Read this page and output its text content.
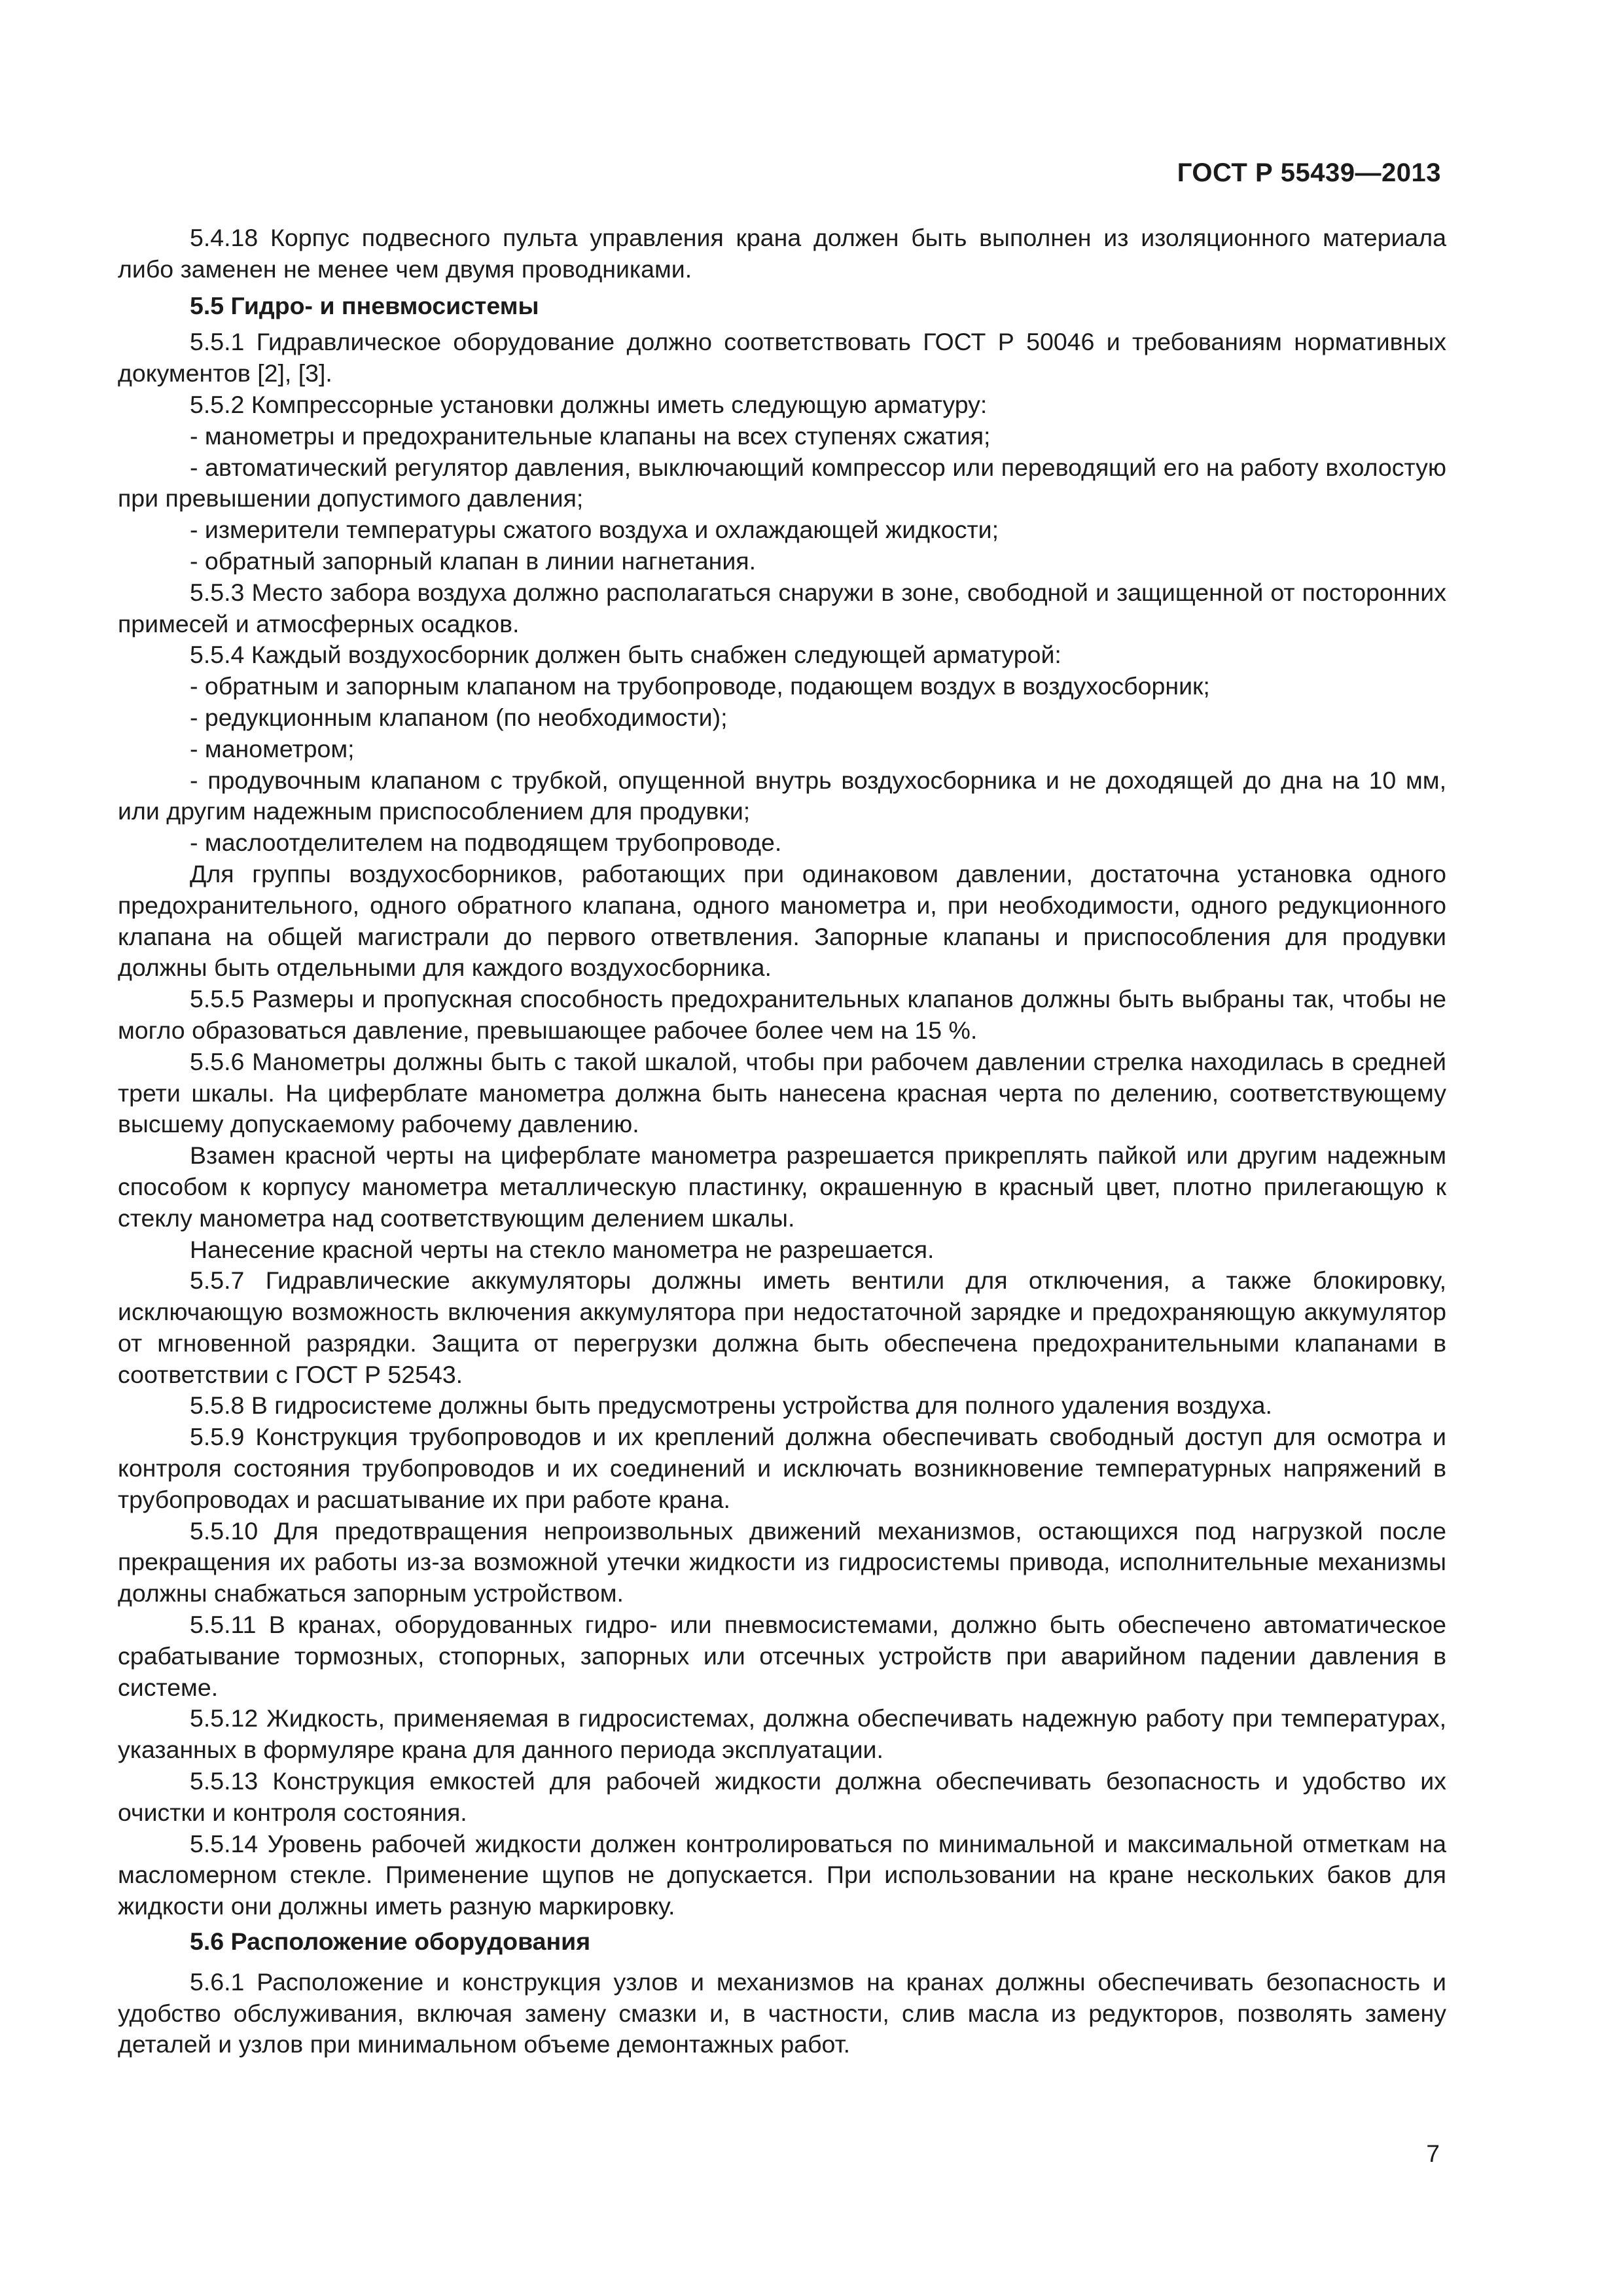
ГОСТ Р 55439—2013

5.4.18 Корпус подвесного пульта управления крана должен быть выполнен из изоляционного материала либо заменен не менее чем двумя проводниками.

5.5 Гидро- и пневмосистемы

5.5.1 Гидравлическое оборудование должно соответствовать ГОСТ Р 50046 и требованиям нормативных документов [2], [3].

5.5.2 Компрессорные установки должны иметь следующую арматуру:

- манометры и предохранительные клапаны на всех ступенях сжатия;

- автоматический регулятор давления, выключающий компрессор или переводящий его на работу вхолостую при превышении допустимого давления;

- измерители температуры сжатого воздуха и охлаждающей жидкости;

- обратный запорный клапан в линии нагнетания.

5.5.3 Место забора воздуха должно располагаться снаружи в зоне, свободной и защищенной от посторонних примесей и атмосферных осадков.

5.5.4 Каждый воздухосборник должен быть снабжен следующей арматурой:

- обратным и запорным клапаном на трубопроводе, подающем воздух в воздухосборник;

- редукционным клапаном (по необходимости);

- манометром;

- продувочным клапаном с трубкой, опущенной внутрь воздухосборника и не доходящей до дна на 10 мм, или другим надежным приспособлением для продувки;

- маслоотделителем на подводящем трубопроводе.

Для группы воздухосборников, работающих при одинаковом давлении, достаточна установка одного предохранительного, одного обратного клапана, одного манометра и, при необходимости, одного редукционного клапана на общей магистрали до первого ответвления. Запорные клапаны и приспособления для продувки должны быть отдельными для каждого воздухосборника.

5.5.5 Размеры и пропускная способность предохранительных клапанов должны быть выбраны так, чтобы не могло образоваться давление, превышающее рабочее более чем на 15 %.

5.5.6 Манометры должны быть с такой шкалой, чтобы при рабочем давлении стрелка находилась в средней трети шкалы. На циферблате манометра должна быть нанесена красная черта по делению, соответствующему высшему допускаемому рабочему давлению.

Взамен красной черты на циферблате манометра разрешается прикреплять пайкой или другим надежным способом к корпусу манометра металлическую пластинку, окрашенную в красный цвет, плотно прилегающую к стеклу манометра над соответствующим делением шкалы.

Нанесение красной черты на стекло манометра не разрешается.

5.5.7 Гидравлические аккумуляторы должны иметь вентили для отключения, а также блокировку, исключающую возможность включения аккумулятора при недостаточной зарядке и предохраняющую аккумулятор от мгновенной разрядки. Защита от перегрузки должна быть обеспечена предохранительными клапанами в соответствии с ГОСТ Р 52543.

5.5.8 В гидросистеме должны быть предусмотрены устройства для полного удаления воздуха.

5.5.9 Конструкция трубопроводов и их креплений должна обеспечивать свободный доступ для осмотра и контроля состояния трубопроводов и их соединений и исключать возникновение температурных напряжений в трубопроводах и расшатывание их при работе крана.

5.5.10 Для предотвращения непроизвольных движений механизмов, остающихся под нагрузкой после прекращения их работы из-за возможной утечки жидкости из гидросистемы привода, исполнительные механизмы должны снабжаться запорным устройством.

5.5.11 В кранах, оборудованных гидро- или пневмосистемами, должно быть обеспечено автоматическое срабатывание тормозных, стопорных, запорных или отсечных устройств при аварийном падении давления в системе.

5.5.12 Жидкость, применяемая в гидросистемах, должна обеспечивать надежную работу при температурах, указанных в формуляре крана для данного периода эксплуатации.

5.5.13 Конструкция емкостей для рабочей жидкости должна обеспечивать безопасность и удобство их очистки и контроля состояния.

5.5.14 Уровень рабочей жидкости должен контролироваться по минимальной и максимальной отметкам на масломерном стекле. Применение щупов не допускается. При использовании на кране нескольких баков для жидкости они должны иметь разную маркировку.

5.6 Расположение оборудования

5.6.1 Расположение и конструкция узлов и механизмов на кранах должны обеспечивать безопасность и удобство обслуживания, включая замену смазки и, в частности, слив масла из редукторов, позволять замену деталей и узлов при минимальном объеме демонтажных работ.

7
